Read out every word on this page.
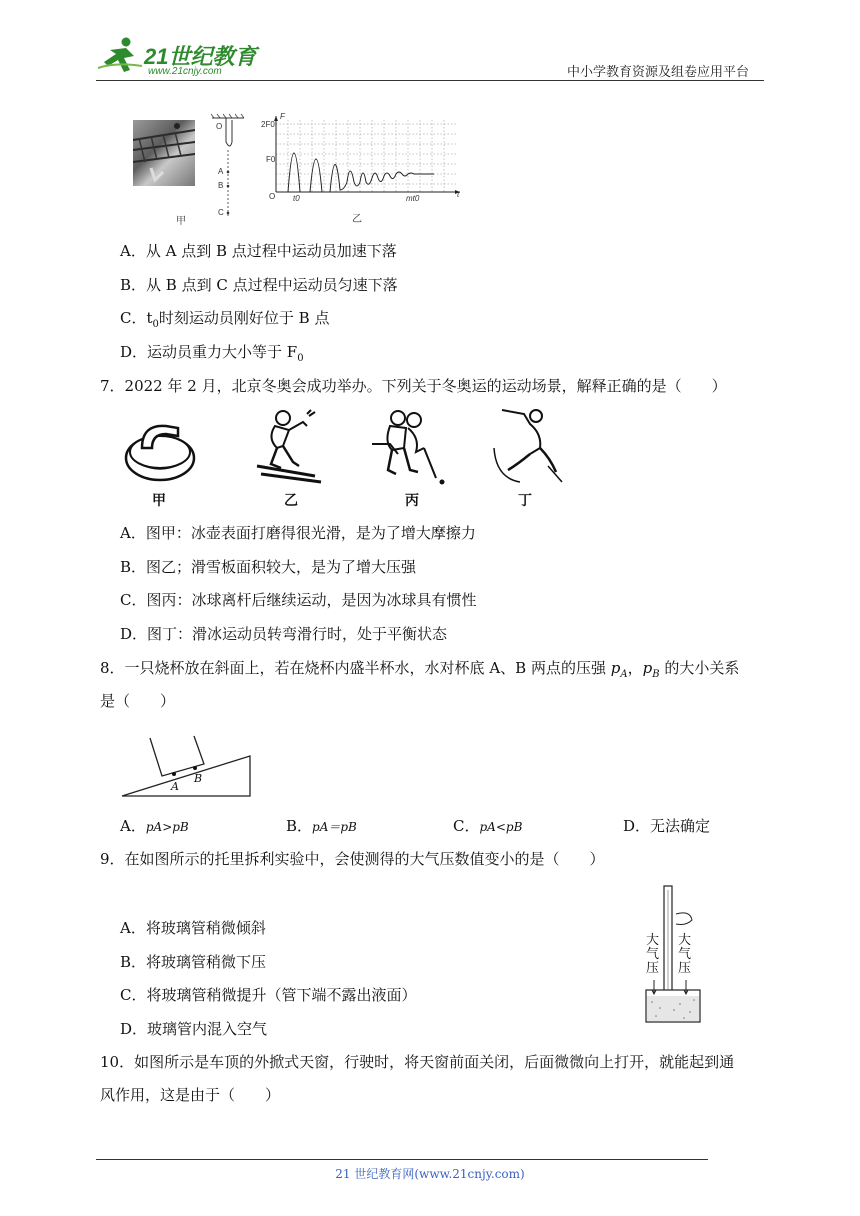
21世纪教育
www.21cnjy.com	中小学教育资源及组卷应用平台
甲
O
A
B
C
F
t
2F0
F0
O t0	mt0
乙
A．从 A 点到 B 点过程中运动员加速下落
B．从 B 点到 C 点过程中运动员匀速下落
C．$t_0$时刻运动员刚好位于 B 点
D．运动员重力大小等于 $F_0$
7．2022 年 2 月，北京冬奥会成功举办。下列关于冬奥运的运动场景，解释正确的是（　　）
甲	乙	丙	丁
A．图甲：冰壶表面打磨得很光滑，是为了增大摩擦力
B．图乙；滑雪板面积较大，是为了增大压强
C．图丙：冰球离杆后继续运动，是因为冰球具有惯性
D．图丁：滑冰运动员转弯滑行时，处于平衡状态
8．一只烧杯放在斜面上，若在烧杯内盛半杯水，水对杯底 A、B 两点的压强 $p_A$，$p_B$ 的大小关系
是（　　）
A
B
A．pA>pB	B．pA＝pB	C．pA<pB	D．无法确定
9．在如图所示的托里拆利实验中，会使测得的大气压数值变小的是（　　）
A．将玻璃管稍微倾斜
B．将玻璃管稍微下压
C．将玻璃管稍微提升（管下端不露出液面）
D．玻璃管内混入空气
大气压
大气压
10．如图所示是车顶的外掀式天窗，行驶时，将天窗前面关闭，后面微微向上打开，就能起到通
风作用，这是由于（　　）
21 世纪教育网(www.21cnjy.com)
